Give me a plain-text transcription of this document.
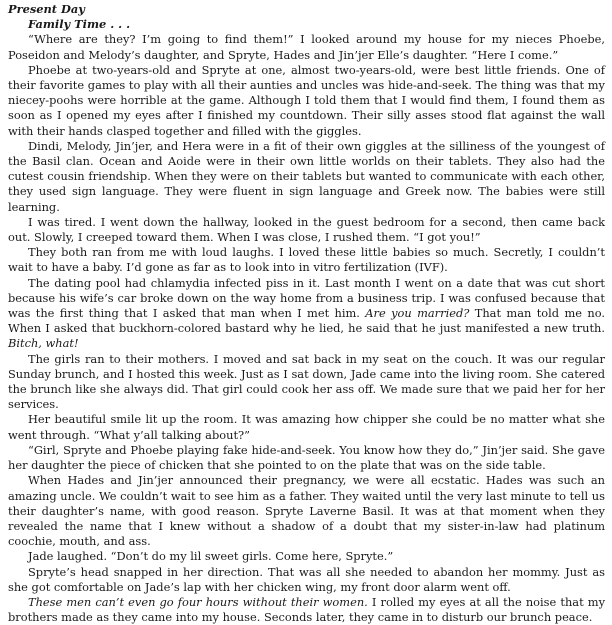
Present Day
Family Time . . .

“Where are they? I’m going to find them!” I looked around my house for my nieces Phoebe, Poseidon and Melody’s daughter, and Spryte, Hades and Jin’jer Elle’s daughter. “Here I come.”

Phoebe at two-years-old and Spryte at one, almost two-years-old, were best little friends. One of their favorite games to play with all their aunties and uncles was hide-and-seek. The thing was that my niecey-poohs were horrible at the game. Although I told them that I would find them, I found them as soon as I opened my eyes after I finished my countdown. Their silly asses stood flat against the wall with their hands clasped together and filled with the giggles.

Dindi, Melody, Jin’jer, and Hera were in a fit of their own giggles at the silliness of the youngest of the Basil clan. Ocean and Aoide were in their own little worlds on their tablets. They also had the cutest cousin friendship. When they were on their tablets but wanted to communicate with each other, they used sign language. They were fluent in sign language and Greek now. The babies were still learning.

I was tired. I went down the hallway, looked in the guest bedroom for a second, then came back out. Slowly, I creeped toward them. When I was close, I rushed them. “I got you!”

They both ran from me with loud laughs. I loved these little babies so much. Secretly, I couldn’t wait to have a baby. I’d gone as far as to look into in vitro fertilization (IVF).

The dating pool had chlamydia infected piss in it. Last month I went on a date that was cut short because his wife’s car broke down on the way home from a business trip. I was confused because that was the first thing that I asked that man when I met him. Are you married? That man told me no. When I asked that buckhorn-colored bastard why he lied, he said that he just manifested a new truth. Bitch, what!

The girls ran to their mothers. I moved and sat back in my seat on the couch. It was our regular Sunday brunch, and I hosted this week. Just as I sat down, Jade came into the living room. She catered the brunch like she always did. That girl could cook her ass off. We made sure that we paid her for her services.

Her beautiful smile lit up the room. It was amazing how chipper she could be no matter what she went through. “What y’all talking about?”

“Girl, Spryte and Phoebe playing fake hide-and-seek. You know how they do,” Jin’jer said. She gave her daughter the piece of chicken that she pointed to on the plate that was on the side table.

When Hades and Jin’jer announced their pregnancy, we were all ecstatic. Hades was such an amazing uncle. We couldn’t wait to see him as a father. They waited until the very last minute to tell us their daughter’s name, with good reason. Spryte Laverne Basil. It was at that moment when they revealed the name that I knew without a shadow of a doubt that my sister-in-law had platinum coochie, mouth, and ass.

Jade laughed. “Don’t do my lil sweet girls. Come here, Spryte.”

Spryte’s head snapped in her direction. That was all she needed to abandon her mommy. Just as she got comfortable on Jade’s lap with her chicken wing, my front door alarm went off.

These men can’t even go four hours without their women. I rolled my eyes at all the noise that my brothers made as they came into my house. Seconds later, they came in to disturb our brunch peace.
